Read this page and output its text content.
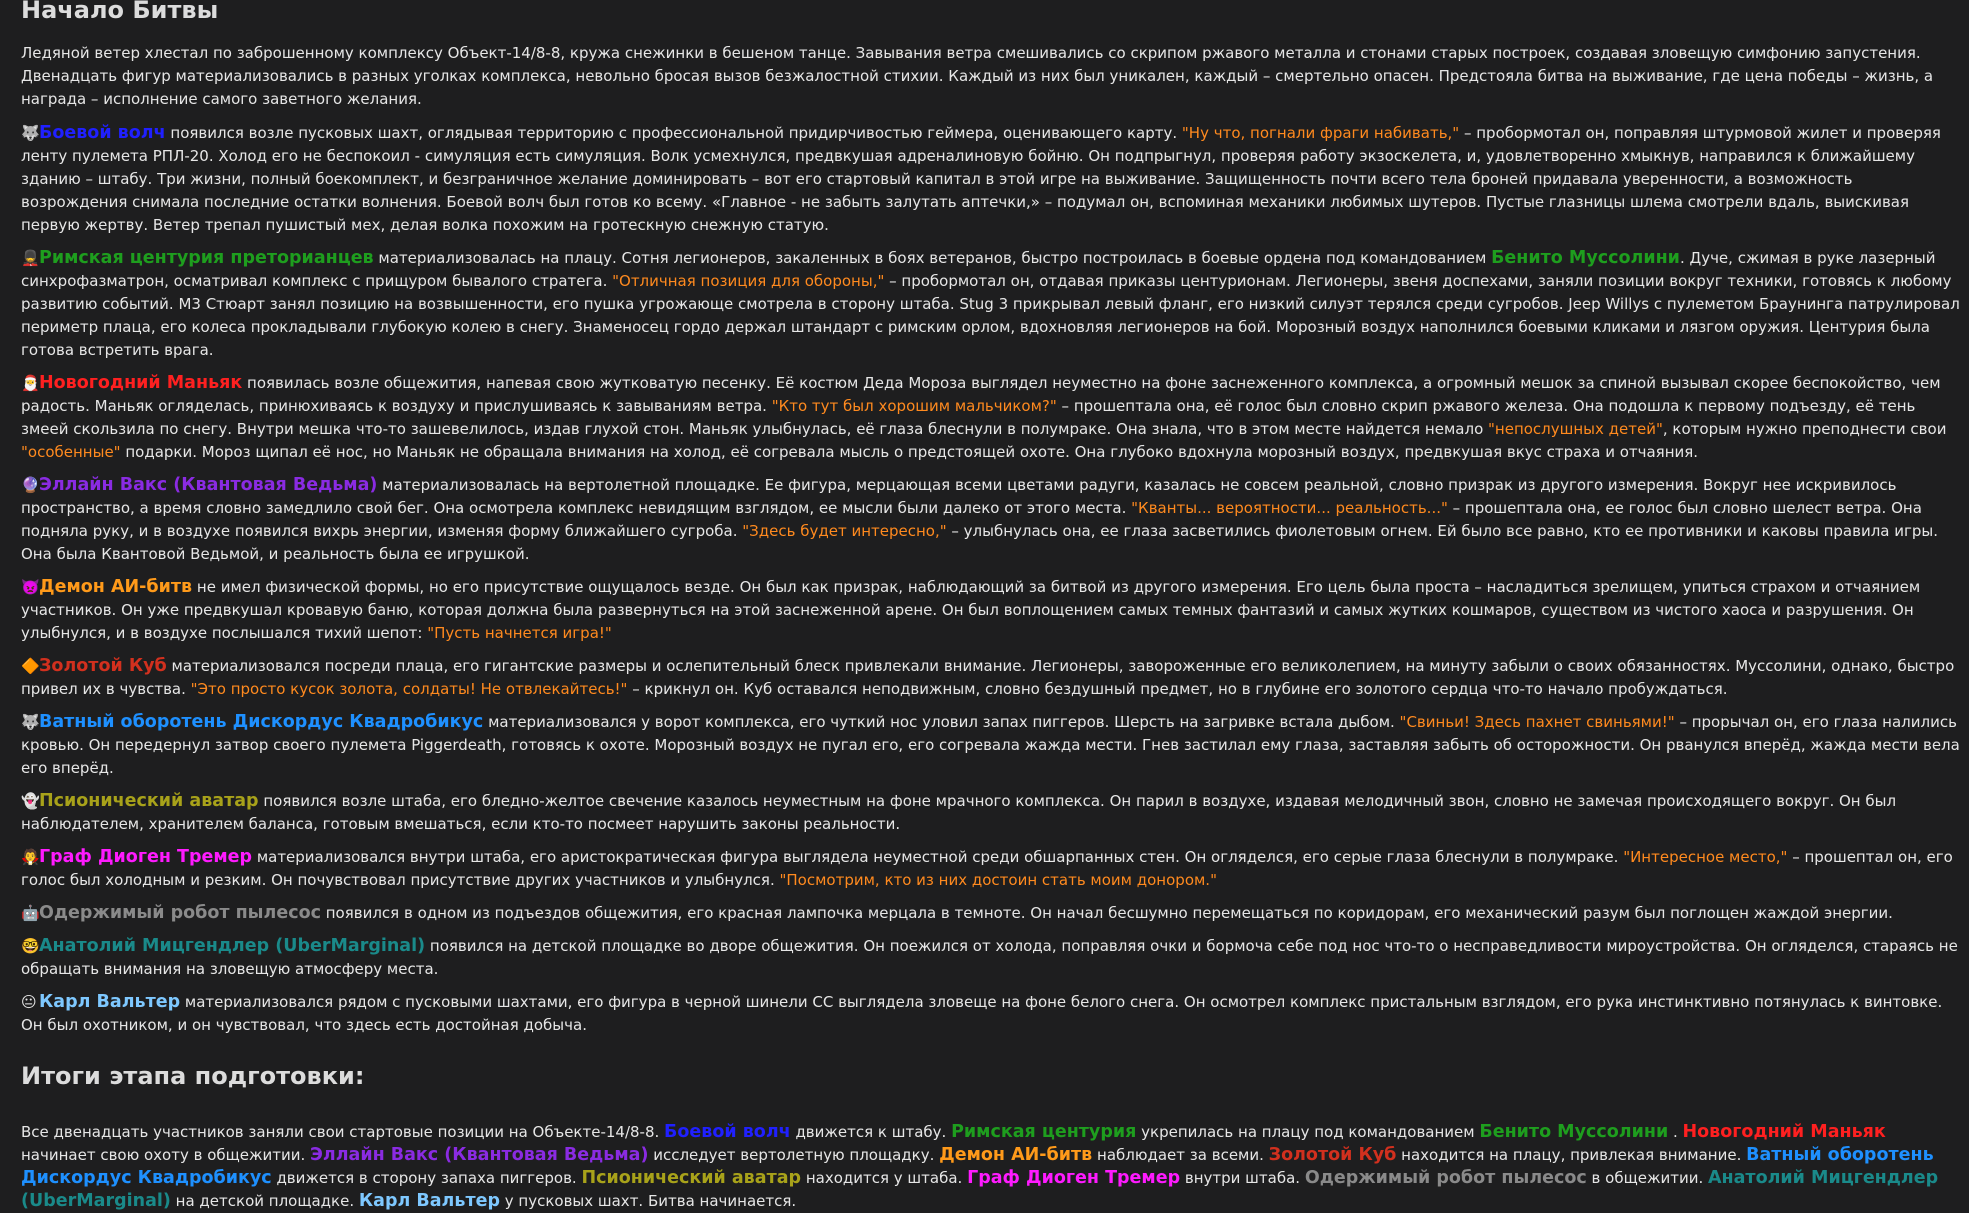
Начало Битвы

Ледяной ветер хлестал по заброшенному комплексу Объект-14/8-8, кружа снежинки в бешеном танце. Завывания ветра смешивались со скрипом ржавого металла и стонами старых построек, создавая зловещую симфонию запустения. Двенадцать фигур материализовались в разных уголках комплекса, невольно бросая вызов безжалостной стихии. Каждый из них был уникален, каждый – смертельно опасен. Предстояла битва на выживание, где цена победы – жизнь, а награда – исполнение самого заветного желания.

🐺Боевой волч появился возле пусковых шахт, оглядывая территорию с профессиональной придирчивостью геймера, оценивающего карту. "Ну что, погнали фраги набивать," – пробормотал он, поправляя штурмовой жилет и проверяя ленту пулемета РПЛ-20. Холод его не беспокоил - симуляция есть симуляция. Волк усмехнулся, предвкушая адреналиновую бойню. Он подпрыгнул, проверяя работу экзоскелета, и, удовлетворенно хмыкнув, направился к ближайшему зданию – штабу. Три жизни, полный боекомплект, и безграничное желание доминировать – вот его стартовый капитал в этой игре на выживание. Защищенность почти всего тела броней придавала уверенности, а возможность возрождения снимала последние остатки волнения. Боевой волч был готов ко всему. «Главное - не забыть залутать аптечки,» – подумал он, вспоминая механики любимых шутеров. Пустые глазницы шлема смотрели вдаль, выискивая первую жертву. Ветер трепал пушистый мех, делая волка похожим на гротескную снежную статую.

💂Римская центурия преторианцев материализовалась на плацу. Сотня легионеров, закаленных в боях ветеранов, быстро построилась в боевые ордена под командованием Бенито Муссолини. Дуче, сжимая в руке лазерный синхрофазматрон, осматривал комплекс с прищуром бывалого стратега. "Отличная позиция для обороны," – пробормотал он, отдавая приказы центурионам. Легионеры, звеня доспехами, заняли позиции вокруг техники, готовясь к любому развитию событий. М3 Стюарт занял позицию на возвышенности, его пушка угрожающе смотрела в сторону штаба. Stug 3 прикрывал левый фланг, его низкий силуэт терялся среди сугробов. Jeep Willys с пулеметом Браунинга патрулировал периметр плаца, его колеса прокладывали глубокую колею в снегу. Знаменосец гордо держал штандарт с римским орлом, вдохновляя легионеров на бой. Морозный воздух наполнился боевыми кликами и лязгом оружия. Центурия была готова встретить врага.

🎅Новогодний Маньяк появилась возле общежития, напевая свою жутковатую песенку. Её костюм Деда Мороза выглядел неуместно на фоне заснеженного комплекса, а огромный мешок за спиной вызывал скорее беспокойство, чем радость. Маньяк огляделась, принюхиваясь к воздуху и прислушиваясь к завываниям ветра. "Кто тут был хорошим мальчиком?" – прошептала она, её голос был словно скрип ржавого железа. Она подошла к первому подъезду, её тень змеей скользила по снегу. Внутри мешка что-то зашевелилось, издав глухой стон. Маньяк улыбнулась, её глаза блеснули в полумраке. Она знала, что в этом месте найдется немало "непослушных детей", которым нужно преподнести свои "особенные" подарки. Мороз щипал её нос, но Маньяк не обращала внимания на холод, её согревала мысль о предстоящей охоте. Она глубоко вдохнула морозный воздух, предвкушая вкус страха и отчаяния.

🔮Эллайн Вакс (Квантовая Ведьма) материализовалась на вертолетной площадке. Ее фигура, мерцающая всеми цветами радуги, казалась не совсем реальной, словно призрак из другого измерения. Вокруг нее искривилось пространство, а время словно замедлило свой бег. Она осмотрела комплекс невидящим взглядом, ее мысли были далеко от этого места. "Кванты... вероятности... реальность..." – прошептала она, ее голос был словно шелест ветра. Она подняла руку, и в воздухе появился вихрь энергии, изменяя форму ближайшего сугроба. "Здесь будет интересно," – улыбнулась она, ее глаза засветились фиолетовым огнем. Ей было все равно, кто ее противники и каковы правила игры. Она была Квантовой Ведьмой, и реальность была ее игрушкой.

👿Демон АИ-битв не имел физической формы, но его присутствие ощущалось везде. Он был как призрак, наблюдающий за битвой из другого измерения. Его цель была проста – насладиться зрелищем, упиться страхом и отчаянием участников. Он уже предвкушал кровавую баню, которая должна была развернуться на этой заснеженной арене. Он был воплощением самых темных фантазий и самых жутких кошмаров, существом из чистого хаоса и разрушения. Он улыбнулся, и в воздухе послышался тихий шепот: "Пусть начнется игра!"

🔶Золотой Куб материализовался посреди плаца, его гигантские размеры и ослепительный блеск привлекали внимание. Легионеры, завороженные его великолепием, на минуту забыли о своих обязанностях. Муссолини, однако, быстро привел их в чувства. "Это просто кусок золота, солдаты! Не отвлекайтесь!" – крикнул он. Куб оставался неподвижным, словно бездушный предмет, но в глубине его золотого сердца что-то начало пробуждаться.

🐺Ватный оборотень Дискордус Квадробикус материализовался у ворот комплекса, его чуткий нос уловил запах пиггеров. Шерсть на загривке встала дыбом. "Свиньи! Здесь пахнет свиньями!" – прорычал он, его глаза налились кровью. Он передернул затвор своего пулемета Piggerdeath, готовясь к охоте. Морозный воздух не пугал его, его согревала жажда мести. Гнев застилал ему глаза, заставляя забыть об осторожности. Он рванулся вперёд, жажда мести вела его вперёд.

👻Псионический аватар появился возле штаба, его бледно-желтое свечение казалось неуместным на фоне мрачного комплекса. Он парил в воздухе, издавая мелодичный звон, словно не замечая происходящего вокруг. Он был наблюдателем, хранителем баланса, готовым вмешаться, если кто-то посмеет нарушить законы реальности.

🧛Граф Диоген Тремер материализовался внутри штаба, его аристократическая фигура выглядела неуместной среди обшарпанных стен. Он огляделся, его серые глаза блеснули в полумраке. "Интересное место," – прошептал он, его голос был холодным и резким. Он почувствовал присутствие других участников и улыбнулся. "Посмотрим, кто из них достоин стать моим донором."

🤖Одержимый робот пылесос появился в одном из подъездов общежития, его красная лампочка мерцала в темноте. Он начал бесшумно перемещаться по коридорам, его механический разум был поглощен жаждой энергии.

🤓Анатолий Мицгендлер (UberMarginal) появился на детской площадке во дворе общежития. Он поежился от холода, поправляя очки и бормоча себе под нос что-то о несправедливости мироустройства. Он огляделся, стараясь не обращать внимания на зловещую атмосферу места.

😐 Карл Вальтер материализовался рядом с пусковыми шахтами, его фигура в черной шинели СС выглядела зловеще на фоне белого снега. Он осмотрел комплекс пристальным взглядом, его рука инстинктивно потянулась к винтовке. Он был охотником, и он чувствовал, что здесь есть достойная добыча.

Итоги этапа подготовки:

Все двенадцать участников заняли свои стартовые позиции на Объекте-14/8-8. Боевой волч движется к штабу. Римская центурия укрепилась на плацу под командованием Бенито Муссолини . Новогодний Маньяк начинает свою охоту в общежитии. Эллайн Вакс (Квантовая Ведьма) исследует вертолетную площадку. Демон АИ-битв наблюдает за всеми. Золотой Куб находится на плацу, привлекая внимание. Ватный оборотень Дискордус Квадробикус движется в сторону запаха пиггеров. Псионический аватар находится у штаба. Граф Диоген Тремер внутри штаба. Одержимый робот пылесос в общежитии. Анатолий Мицгендлер (UberMarginal) на детской площадке. Карл Вальтер у пусковых шахт. Битва начинается.
